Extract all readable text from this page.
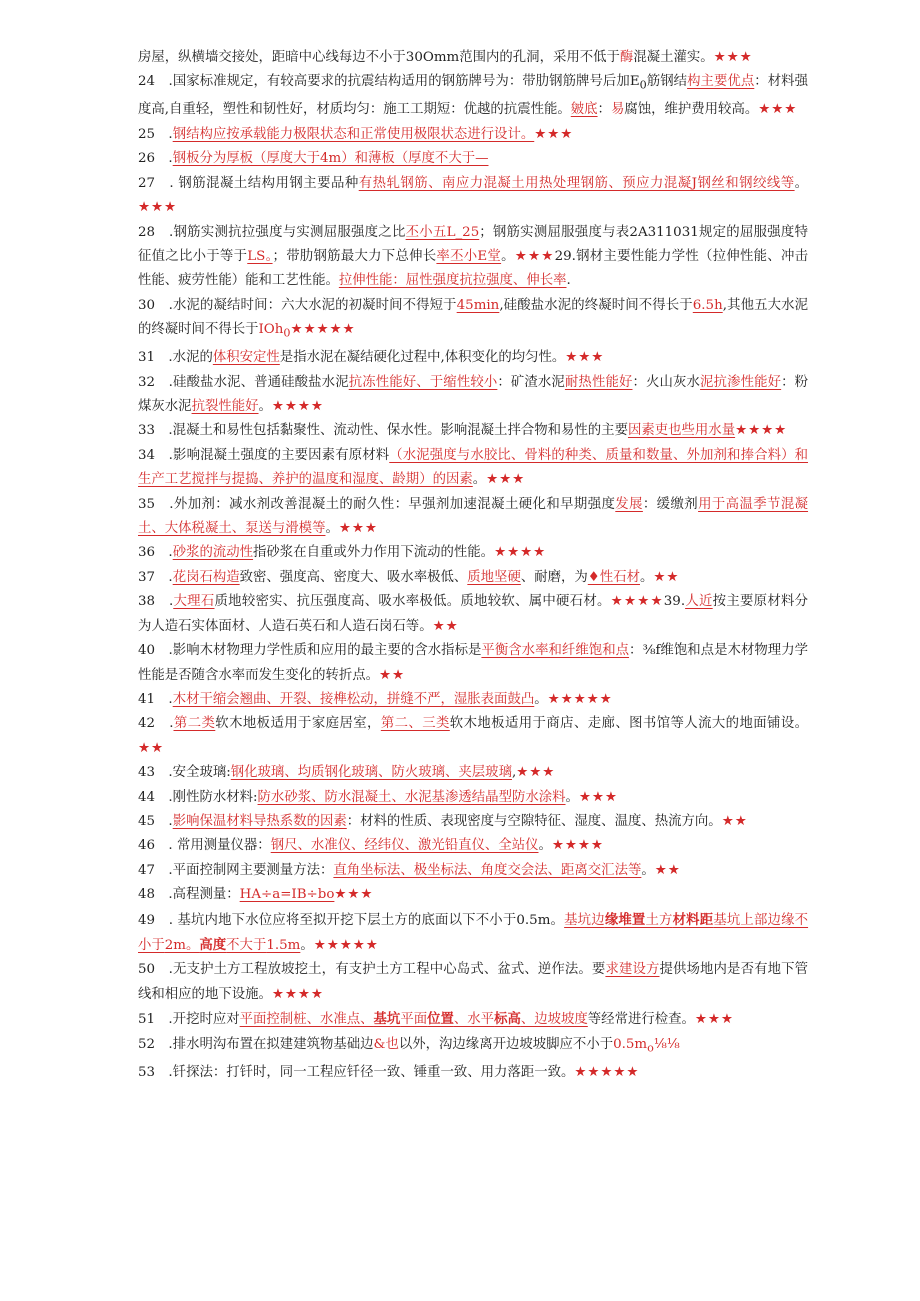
房屋，纵横墙交接处，距暗中心线每边不小于30Omm范围内的孔洞，采用不低于酶混凝土灌实。★★★

24　.国家标准规定，有较高要求的抗震结构适用的钢筋牌号为：带肋钢筋牌号后加$E_0$筋钢结构主要优点：材料强度高,自重轻，塑性和韧性好，材质均匀：施工工期短：优越的抗震性能。皴底：易腐蚀，维护费用较高。★★★

25　.钢结构应按承载能力极限状态和正常使用极限状态进行设计。★★★

26　.钢板分为厚板（厚度大于4m）和薄板（厚度不大于—

27　. 钢筋混凝土结构用钢主要品种有热轧钢筋、南应力混凝土用热处理钢筋、预应力混凝J钢丝和钢绞线等。★★★

28　.钢筋实测抗拉强度与实测屈服强度之比丕小五L_25；钢筋实测屈服强度与表2A311031规定的屈服强度特征值之比小于等于LS。；带肋钢筋最大力下总伸长率丕小E堂。★★★29.钢材主要性能力学性（拉伸性能、冲击性能、疲劳性能）能和工艺性能。拉伸性能：屈性强度抗拉强度、伸长率.

30　.水泥的凝结时间：六大水泥的初凝时间不得短于45min,硅酸盐水泥的终凝时间不得长于6.5h,其他五大水泥的终凝时间不得长于IOh$_0$★★★★★

31　.水泥的体积安定性是指水泥在凝结硬化过程中,体积变化的均匀性。★★★

32　.硅酸盐水泥、普通硅酸盐水泥抗冻性能好、于缩性较小：矿渣水泥耐热性能好：火山灰水泥抗渗性能好：粉煤灰水泥抗裂性能好。★★★★

33　.混凝土和易性包括黏聚性、流动性、保水性。影响混凝土拌合物和易性的主要因素吏也些用水量★★★★

34　.影响混凝土强度的主要因素有原材料（水泥强度与水胶比、骨料的种类、质量和数量、外加剂和捧合料）和生产工艺搅拌与提捣、养护的温度和湿度、龄期）的因素。★★★

35　.外加剂：减水剂改善混凝土的耐久性：早强剂加速混凝土硬化和早期强度发展：缓缴剂用于高温季节混凝土、大体税凝土、泵送与滑模等。★★★

36　.砂浆的流动性指砂浆在自重或外力作用下流动的性能。★★★★

37　.花岗石构造致密、强度高、密度大、吸水率极低、质地坚硬、耐磨，为♦性石材。★★

38　.大理石质地较密实、抗压强度高、吸水率极低。质地较软、属中硬石材。★★★★39.人近按主要原材料分为人造石实体面材、人造石英石和人造石岗石等。★★

40　.影响木材物理力学性质和应用的最主要的含水指标是平衡含水率和纤维饱和点：⅜f维饱和点是木材物理力学性能是否随含水率而发生变化的转折点。★★

41　.木材干缩会翘曲、开裂、接榫松动，拼缝不严，湿胀表面鼓凸。★★★★★

42　.第二类软木地板适用于家庭居室，第二、三类软木地板适用于商店、走廊、图书馆等人流大的地面铺设。★★

43　.安全玻璃:钢化玻璃、均质钢化玻璃、防火玻璃、夹层玻璃,★★★

44　.刚性防水材料:防水砂浆、防水混凝土、水泥基渗透结晶型防水涂料。★★★

45　.影响保温材料导热系数的因素：材料的性质、表现密度与空隙特征、湿度、温度、热流方向。★★

46　. 常用测量仪器：钢尺、水准仪、经纬仪、激光铅直仪、全站仪。★★★★

47　.平面控制网主要测量方法：直角坐标法、极坐标法、角度交会法、距离交汇法等。★★

48　.高程测量：HA÷a=IB÷bo★★★

49　. 基坑内地下水位应将至拟开挖下层土方的底面以下不小于0.5m。基坑边缘堆置土方材料距基坑上部边缘不小于2m。高度不大于1.5m。★★★★★

50　.无支护土方工程放坡挖土，有支护土方工程中心岛式、盆式、逆作法。要求建设方提供场地内是否有地下管线和相应的地下设施。★★★★

51　.开挖时应对平面控制桩、水准点、基坑平面位置、水平标高、边坡坡度等经常进行检查。★★★

52　.排水明沟布置在拟建建筑物基础边&也以外，沟边缘离开边坡坡脚应不小于$0.5m_o\frac{1}{8}\frac{1}{8}$

53　.钎探法：打钎时，同一工程应钎径一致、锤重一致、用力落距一致。★★★★★
